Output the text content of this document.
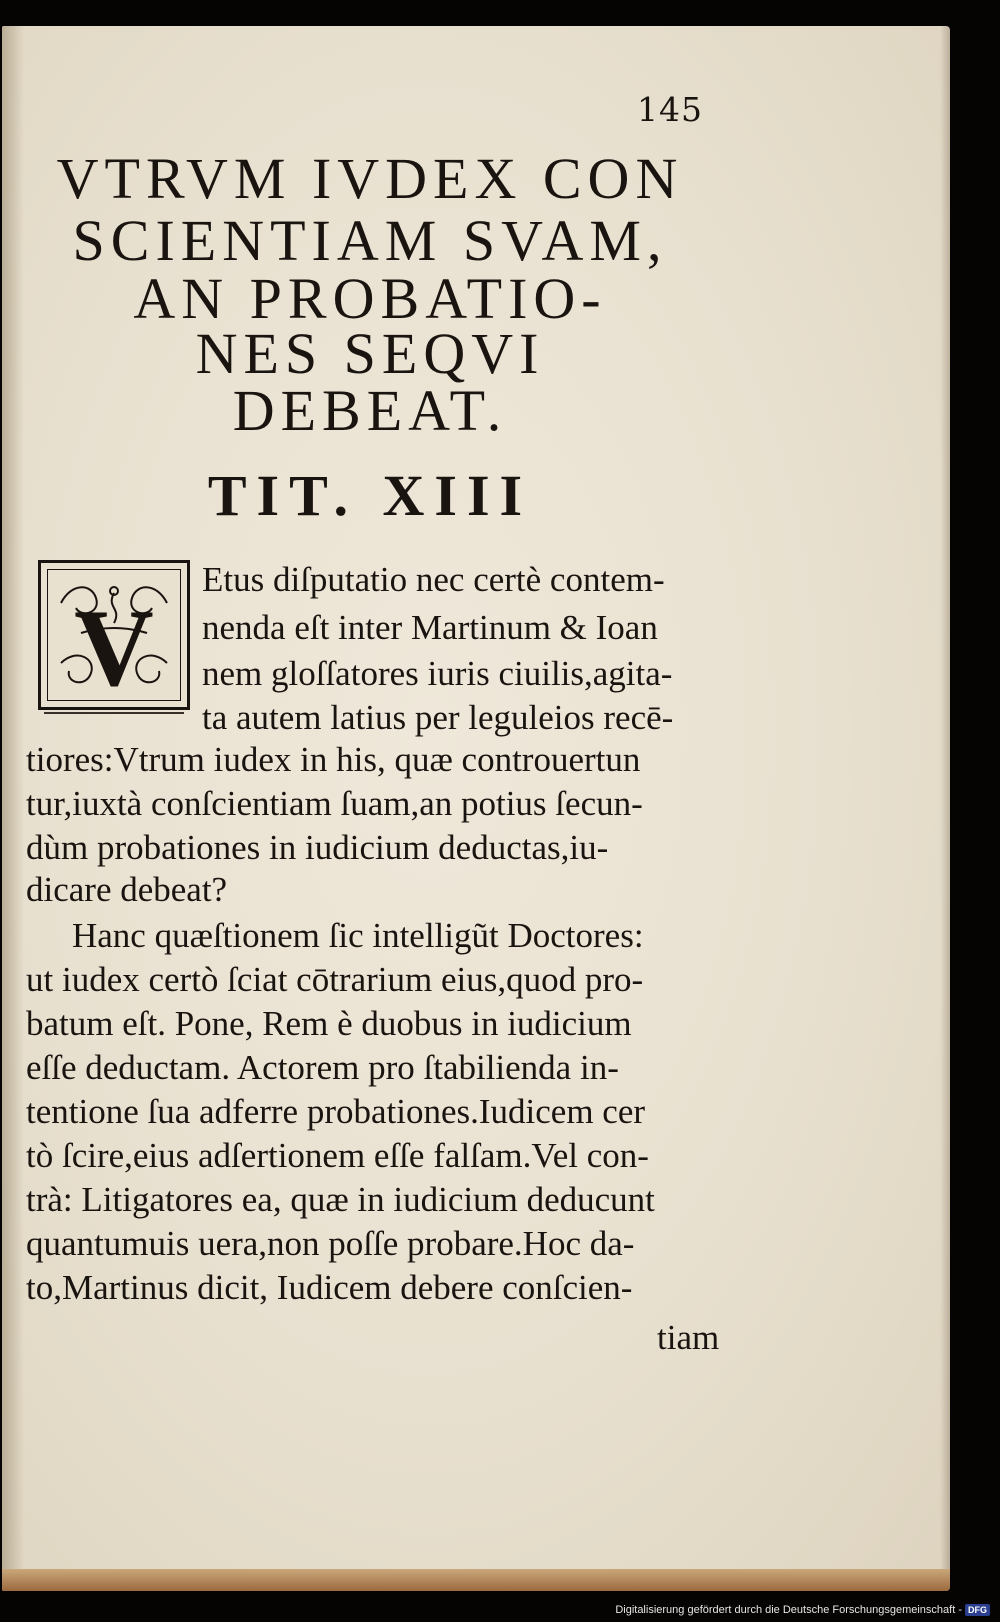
145
VTRVM IVDEX CON
SCIENTIAM SVAM,
AN PROBATIO-
NES SEQVI
DEBEAT.
TIT. XIII
V
Etus diſputatio nec certè contem-
nenda eſt inter Martinum & Ioan
nem gloſſatores iuris ciuilis,agita-
ta autem latius per leguleios recē-
tiores:Vtrum iudex in his, quæ controuertun
tur,iuxtà conſcientiam ſuam,an potius ſecun-
dùm probationes in iudicium deductas,iu-
dicare debeat?
Hanc quæſtionem ſic intelligũt Doctores:
ut iudex certò ſciat cōtrarium eius,quod pro-
batum eſt. Pone, Rem è duobus in iudicium
eſſe deductam. Actorem pro ſtabilienda in-
tentione ſua adferre probationes.Iudicem cer
tò ſcire,eius adſertionem eſſe falſam.Vel con-
trà: Litigatores ea, quæ in iudicium deducunt
quantumuis uera,non poſſe probare.Hoc da-
to,Martinus dicit, Iudicem debere conſcien-
tiam
Digitalisierung gefördert durch die Deutsche Forschungsgemeinschaft - DFG
